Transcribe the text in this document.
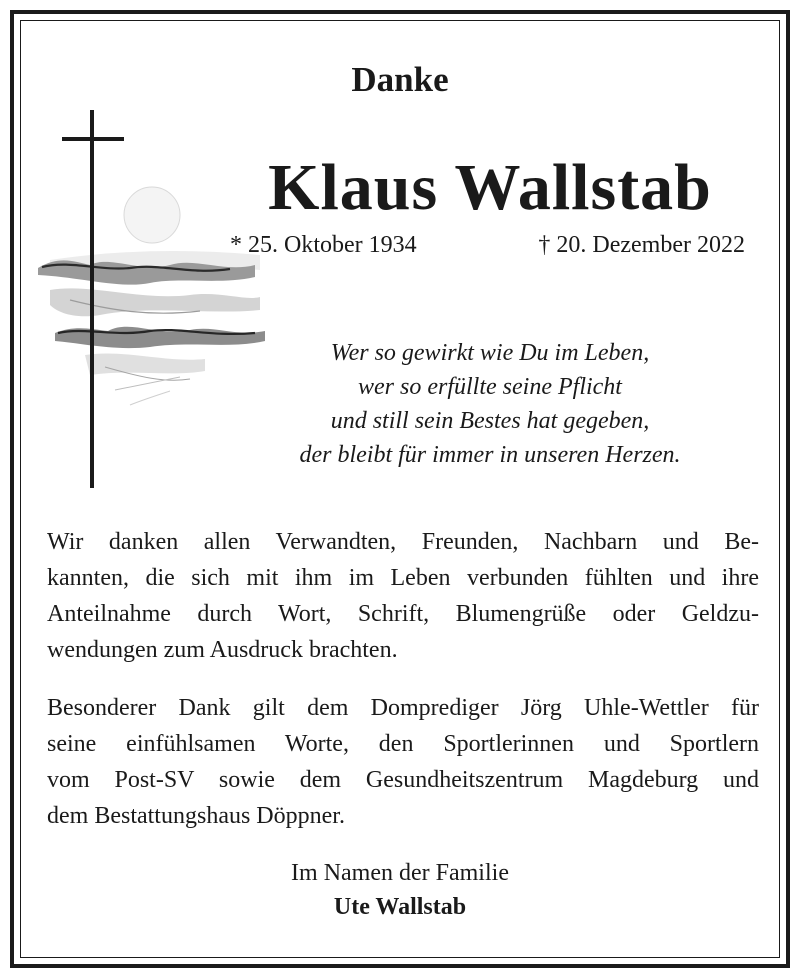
Danke
Klaus Wallstab
* 25. Oktober 1934	† 20. Dezember 2022
Wer so gewirkt wie Du im Leben,
wer so erfüllte seine Pflicht
und still sein Bestes hat gegeben,
der bleibt für immer in unseren Herzen.
Wir danken allen Verwandten, Freunden, Nachbarn und Be-
kannten, die sich mit ihm im Leben verbunden fühlten und ihre
Anteilnahme durch Wort, Schrift, Blumengrüße oder Geldzu-
wendungen zum Ausdruck brachten.
Besonderer Dank gilt dem Domprediger Jörg Uhle-Wettler für
seine einfühlsamen Worte, den Sportlerinnen und Sportlern
vom Post-SV sowie dem Gesundheitszentrum Magdeburg und
dem Bestattungshaus Döppner.
Im Namen der Familie
Ute Wallstab
